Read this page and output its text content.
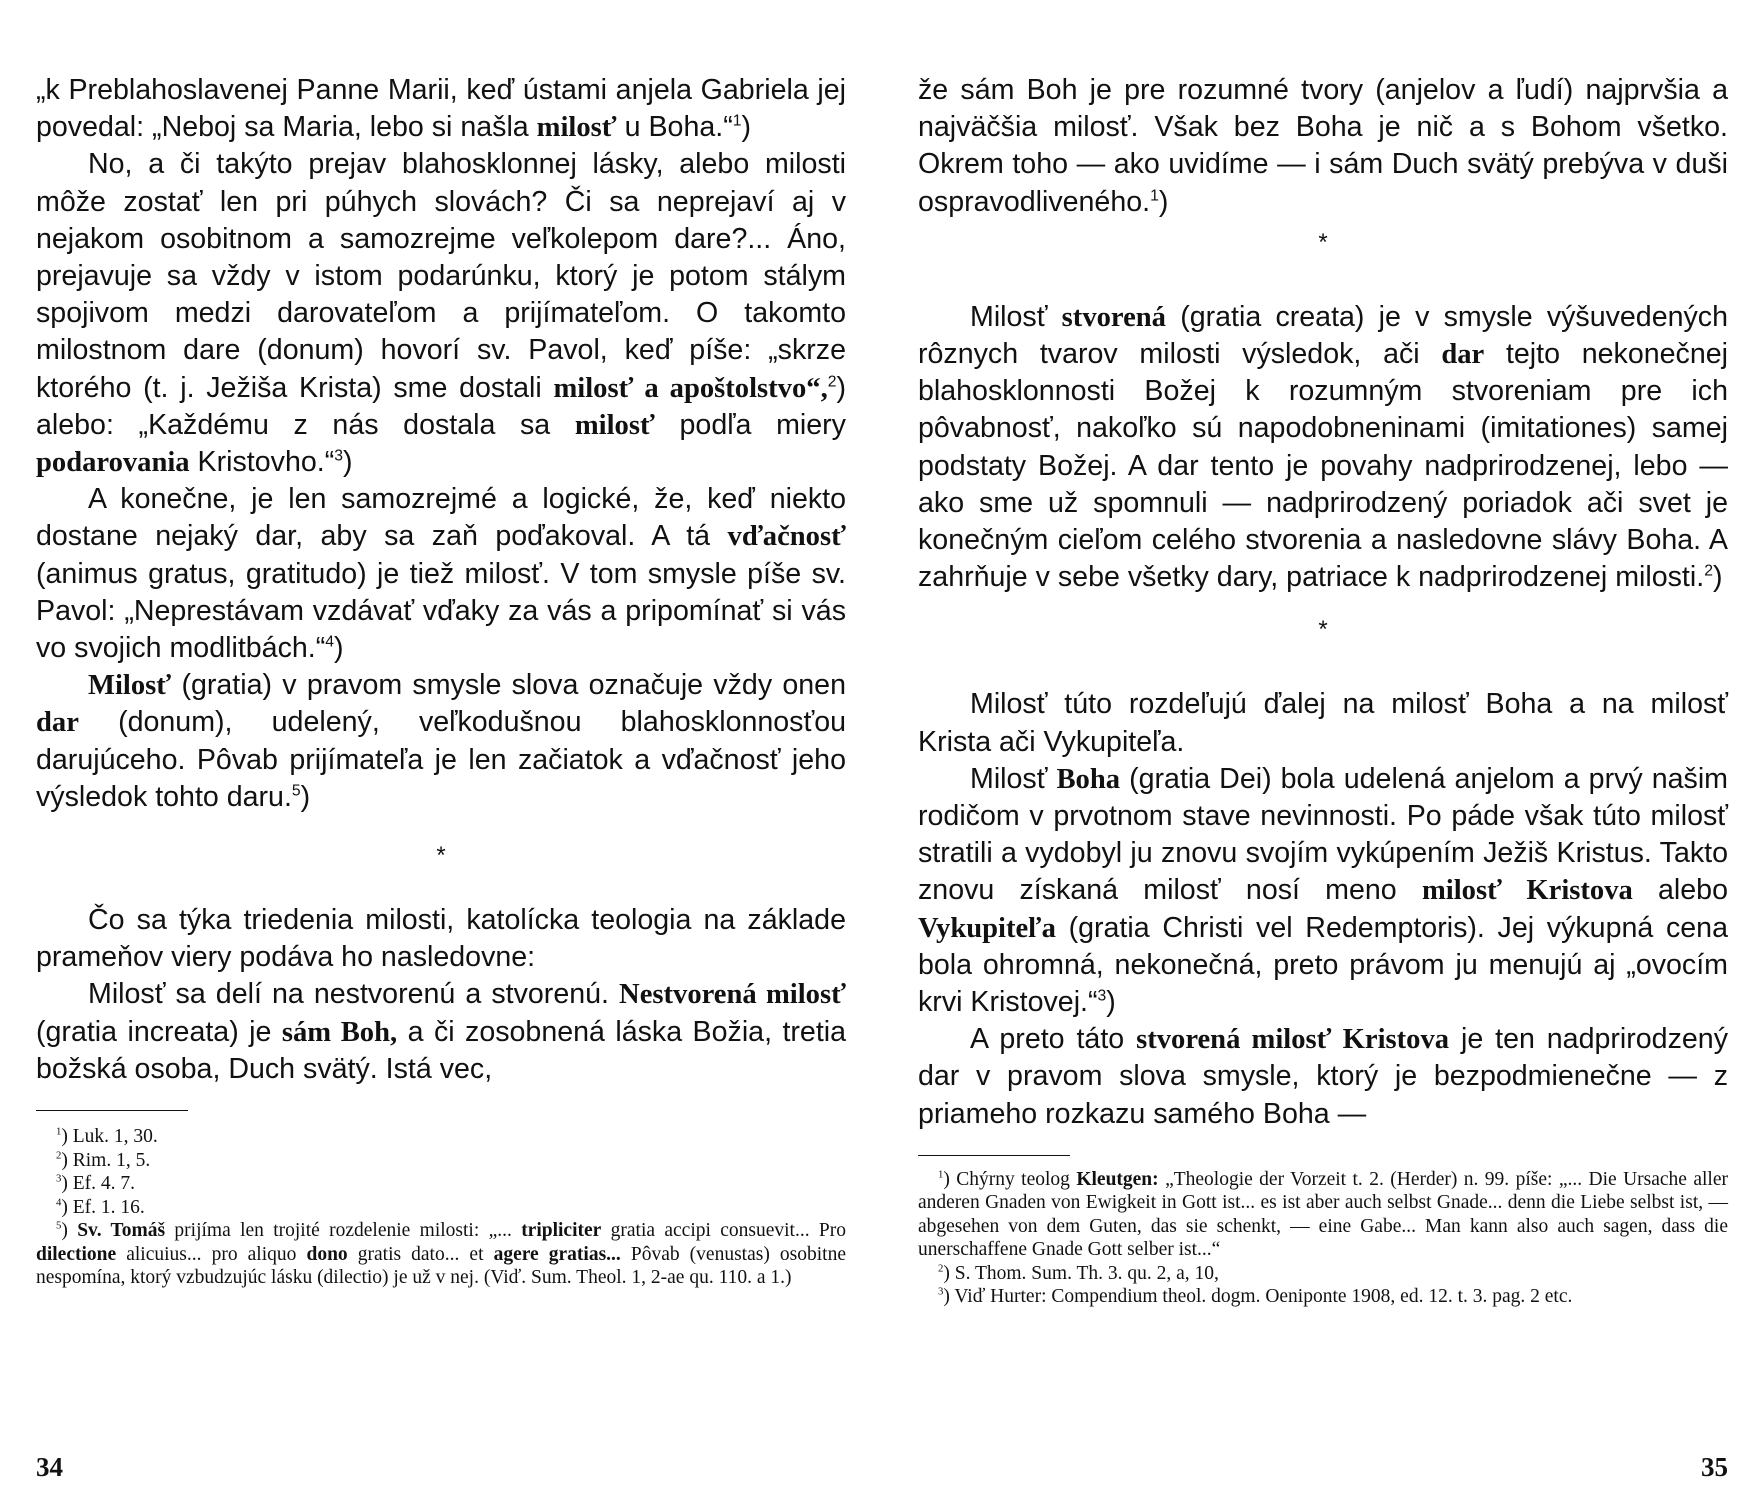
„k Preblahoslavenej Panne Marii, keď ústami anjela Gabriela jej povedal: „Neboj sa Maria, lebo si našla milosť u Boha.“$^1$)

No, a či takýto prejav blahosklonnej lásky, alebo milosti môže zostať len pri púhych slovách? Či sa neprejaví aj v nejakom osobitnom a samozrejme veľkolepom dare?... Áno, prejavuje sa vždy v istom podarúnku, ktorý je potom stálym spojivom medzi darovateľom a prijímateľom. O takomto milostnom dare (donum) hovorí sv. Pavol, keď píše: „skrze ktorého (t. j. Ježiša Krista) sme dostali milosť a apoštolstvo“,$^2$) alebo: „Každému z nás dostala sa milosť podľa miery podarovania Kristovho.“$^3$)

A konečne, je len samozrejmé a logické, že, keď niekto dostane nejaký dar, aby sa zaň poďakoval. A tá vďačnosť (animus gratus, gratitudo) je tiež milosť. V tom smysle píše sv. Pavol: „Neprestávam vzdávať vďaky za vás a pripomínať si vás vo svojich modlitbách.“$^4$)

Milosť (gratia) v pravom smysle slova označuje vždy onen dar (donum), udelený, veľkodušnou blahosklonnosťou darujúceho. Pôvab prijímateľa je len začiatok a vďačnosť jeho výsledok tohto daru.$^5$)

*

Čo sa týka triedenia milosti, katolícka teologia na základe prameňov viery podáva ho nasledovne:

Milosť sa delí na nestvorenú a stvorenú. Nestvorená milosť (gratia increata) je sám Boh, a či zosobnená láska Božia, tretia božská osoba, Duch svätý. Istá vec,

$^1$) Luk. 1, 30.

$^2$) Rim. 1, 5.

$^3$) Ef. 4. 7.

$^4$) Ef. 1. 16.

$^5$) Sv. Tomáš prijíma len trojité rozdelenie milosti: „... tripliciter gratia accipi consuevit... Pro dilectione alicuius... pro aliquo dono gratis dato... et agere gratias... Pôvab (venustas) osobitne nespomína, ktorý vzbudzujúc lásku (dilectio) je už v nej. (Viď. Sum. Theol. 1, 2-ae qu. 110. a 1.)

34

že sám Boh je pre rozumné tvory (anjelov a ľudí) najprvšia a najväčšia milosť. Však bez Boha je nič a s Bohom všetko. Okrem toho — ako uvidíme — i sám Duch svätý prebýva v duši ospravodliveného.$^1$)

*

Milosť stvorená (gratia creata) je v smysle výšuvedených rôznych tvarov milosti výsledok, ači dar tejto nekonečnej blahosklonnosti Božej k rozumným stvoreniam pre ich pôvabnosť, nakoľko sú napodobneninami (imitationes) samej podstaty Božej. A dar tento je povahy nadprirodzenej, lebo — ako sme už spomnuli — nadprirodzený poriadok ači svet je konečným cieľom celého stvorenia a nasledovne slávy Boha. A zahrňuje v sebe všetky dary, patriace k nadprirodzenej milosti.$^2$)

*

Milosť túto rozdeľujú ďalej na milosť Boha a na milosť Krista ači Vykupiteľa.

Milosť Boha (gratia Dei) bola udelená anjelom a prvý našim rodičom v prvotnom stave nevinnosti. Po páde však túto milosť stratili a vydobyl ju znovu svojím vykúpením Ježiš Kristus. Takto znovu získaná milosť nosí meno milosť Kristova alebo Vykupiteľa (gratia Christi vel Redemptoris). Jej výkupná cena bola ohromná, nekonečná, preto právom ju menujú aj „ovocím krvi Kristovej.“$^3$)

A preto táto stvorená milosť Kristova je ten nadprirodzený dar v pravom slova smysle, ktorý je bezpodmienečne — z priameho rozkazu samého Boha —

$^1$) Chýrny teolog Kleutgen: „Theologie der Vorzeit t. 2. (Herder) n. 99. píše: „... Die Ursache aller anderen Gnaden von Ewigkeit in Gott ist... es ist aber auch selbst Gnade... denn die Liebe selbst ist, — abgesehen von dem Guten, das sie schenkt, — eine Gabe... Man kann also auch sagen, dass die unerschaffene Gnade Gott selber ist...“

$^2$) S. Thom. Sum. Th. 3. qu. 2, a, 10,

$^3$) Viď Hurter: Compendium theol. dogm. Oenipontе 1908, ed. 12. t. 3. pag. 2 etc.

35
